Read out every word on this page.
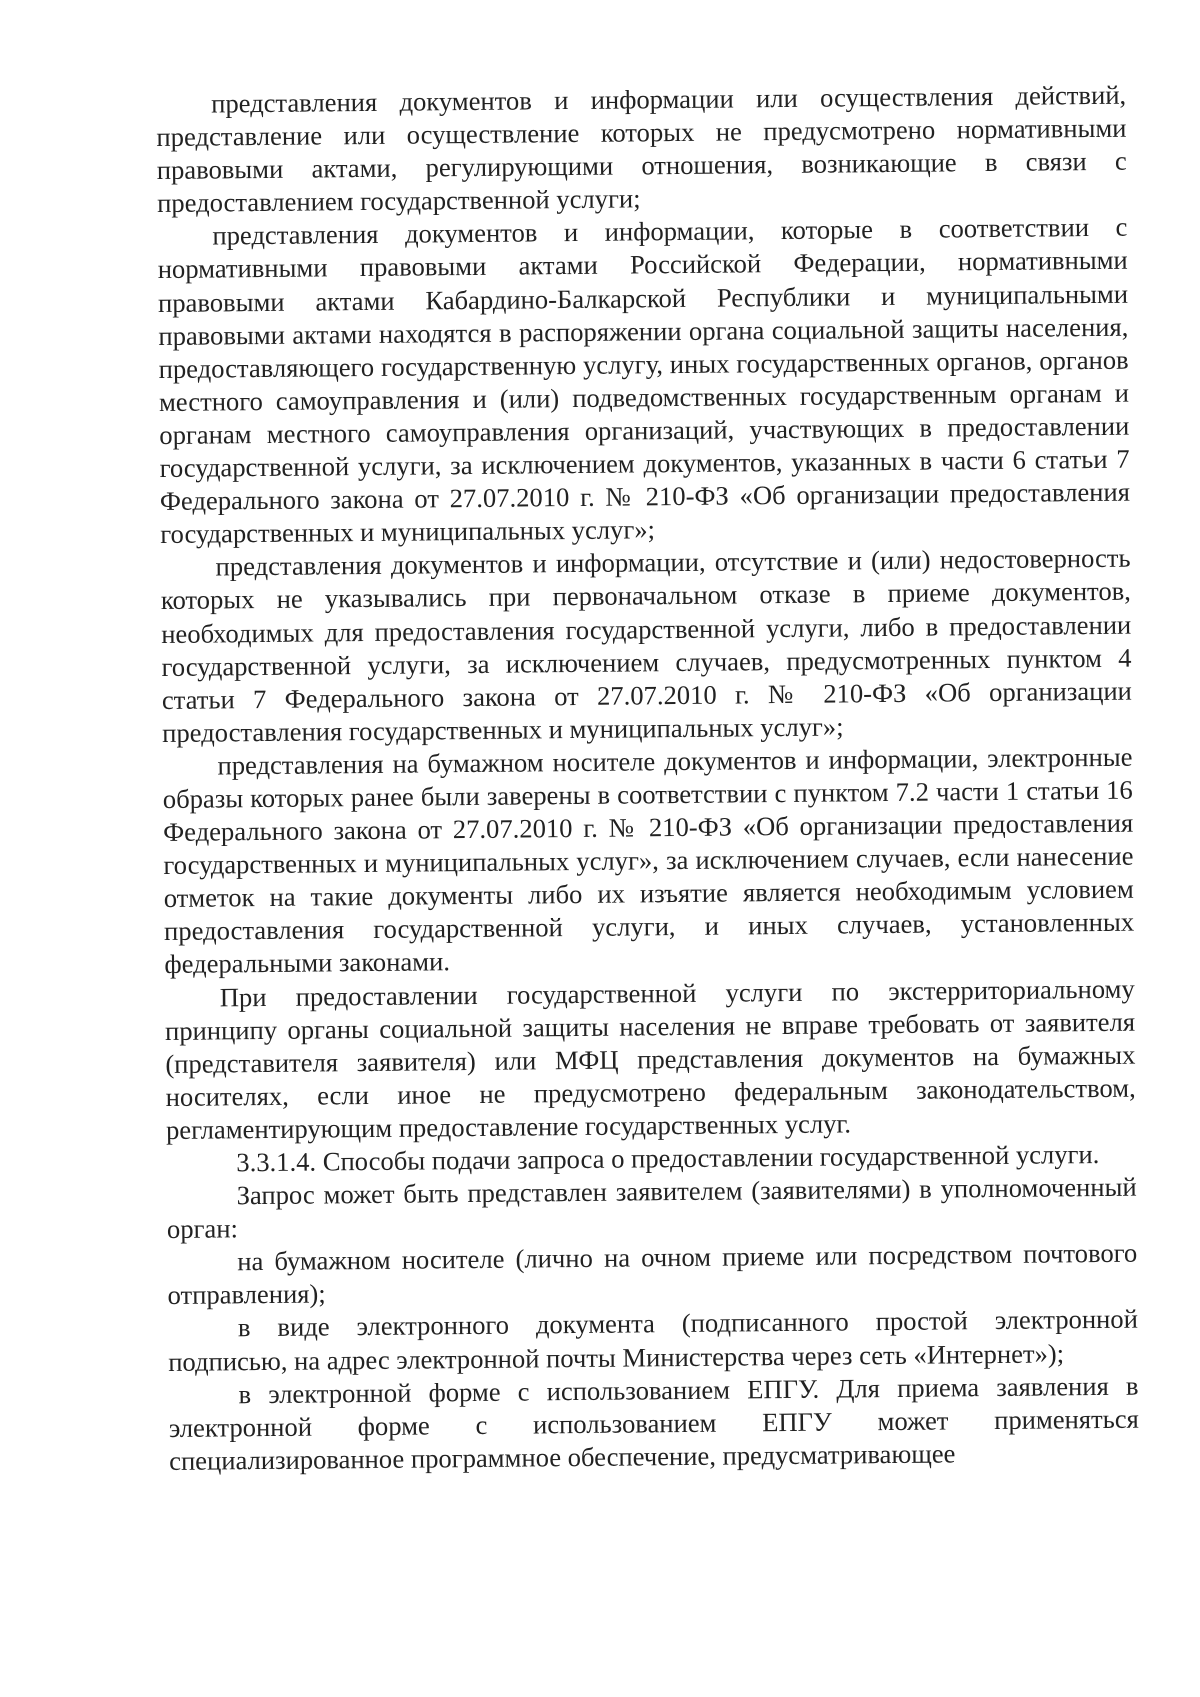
представления документов и информации или осуществления действий, представление или осуществление которых не предусмотрено нормативными правовыми актами, регулирующими отношения, возникающие в связи с предоставлением государственной услуги;

представления документов и информации, которые в соответствии с нормативными правовыми актами Российской Федерации, нормативными правовыми актами Кабардино-Балкарской Республики и муниципальными правовыми актами находятся в распоряжении органа социальной защиты населения, предоставляющего государственную услугу, иных государственных органов, органов местного самоуправления и (или) подведомственных государственным органам и органам местного самоуправления организаций, участвующих в предоставлении государственной услуги, за исключением документов, указанных в части 6 статьи 7 Федерального закона от 27.07.2010 г. № 210-ФЗ «Об организации предоставления государственных и муниципальных услуг»;

представления документов и информации, отсутствие и (или) недостоверность которых не указывались при первоначальном отказе в приеме документов, необходимых для предоставления государственной услуги, либо в предоставлении государственной услуги, за исключением случаев, предусмотренных пунктом 4 статьи 7 Федерального закона от 27.07.2010 г. № 210-ФЗ «Об организации предоставления государственных и муниципальных услуг»;

представления на бумажном носителе документов и информации, электронные образы которых ранее были заверены в соответствии с пунктом 7.2 части 1 статьи 16 Федерального закона от 27.07.2010 г. № 210-ФЗ «Об организации предоставления государственных и муниципальных услуг», за исключением случаев, если нанесение отметок на такие документы либо их изъятие является необходимым условием предоставления государственной услуги, и иных случаев, установленных федеральными законами.

При предоставлении государственной услуги по экстерриториальному принципу органы социальной защиты населения не вправе требовать от заявителя (представителя заявителя) или МФЦ представления документов на бумажных носителях, если иное не предусмотрено федеральным законодательством, регламентирующим предоставление государственных услуг.

3.3.1.4. Способы подачи запроса о предоставлении государственной услуги.

Запрос может быть представлен заявителем (заявителями) в уполномоченный орган:

на бумажном носителе (лично на очном приеме или посредством почтового отправления);

в виде электронного документа (подписанного простой электронной подписью, на адрес электронной почты Министерства через сеть «Интернет»);

в электронной форме с использованием ЕПГУ. Для приема заявления в электронной форме с использованием ЕПГУ может применяться специализированное программное обеспечение, предусматривающее
